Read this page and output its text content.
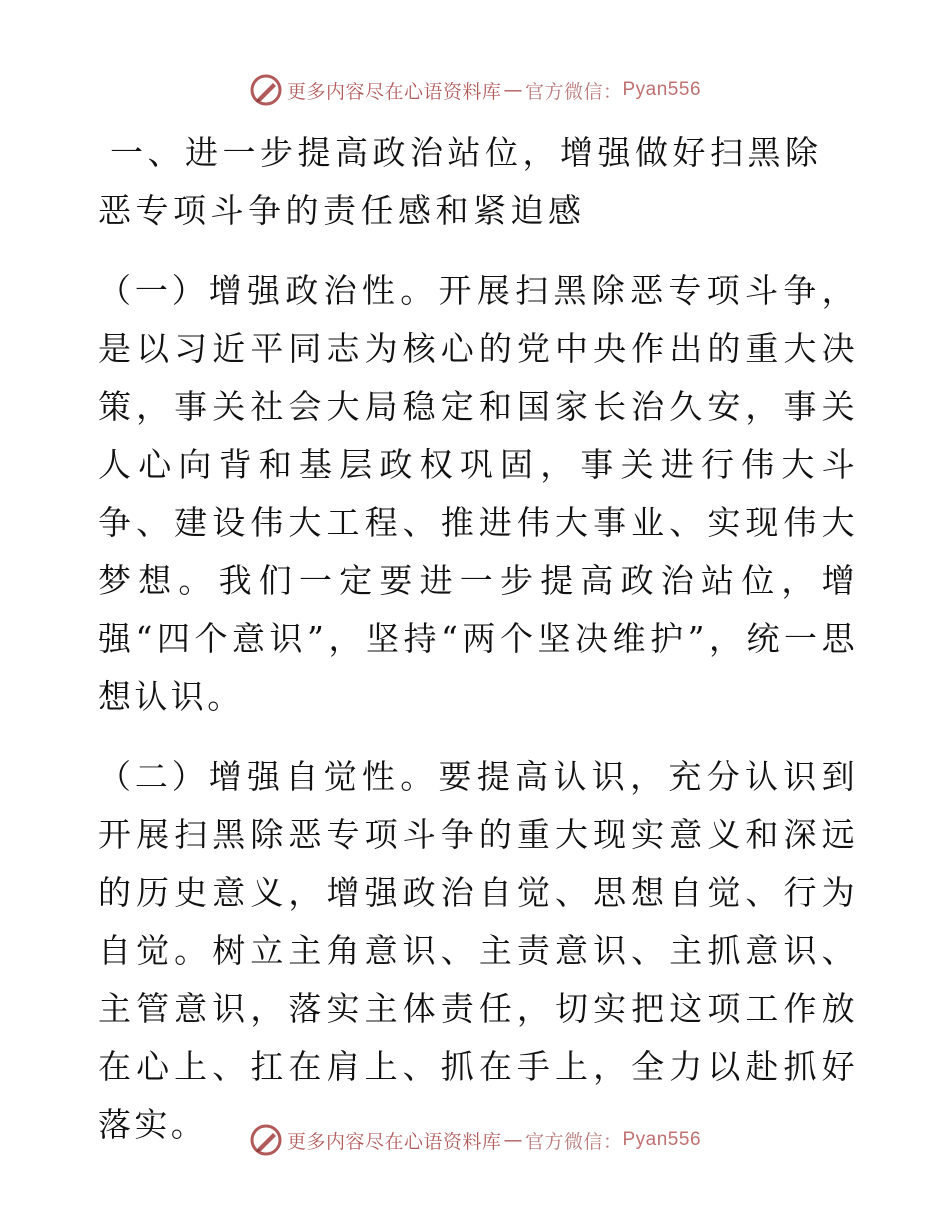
更多内容尽在心语资料库 — 官方微信： Pyan556
一、进一步提高政治站位，增强做好扫黑除恶专项斗争的责任感和紧迫感

（一）增强政治性。开展扫黑除恶专项斗争，是以习近平同志为核心的党中央作出的重大决策，事关社会大局稳定和国家长治久安，事关人心向背和基层政权巩固，事关进行伟大斗争、建设伟大工程、推进伟大事业、实现伟大梦想。我们一定要进一步提高政治站位，增强“四个意识”，坚持“两个坚决维护”，统一思想认识。

（二）增强自觉性。要提高认识，充分认识到开展扫黑除恶专项斗争的重大现实意义和深远的历史意义，增强政治自觉、思想自觉、行为自觉。树立主角意识、主责意识、主抓意识、主管意识，落实主体责任，切实把这项工作放在心上、扛在肩上、抓在手上，全力以赴抓好落实。	更多内容尽在心语资料库 — 官方微信： Pyan556
